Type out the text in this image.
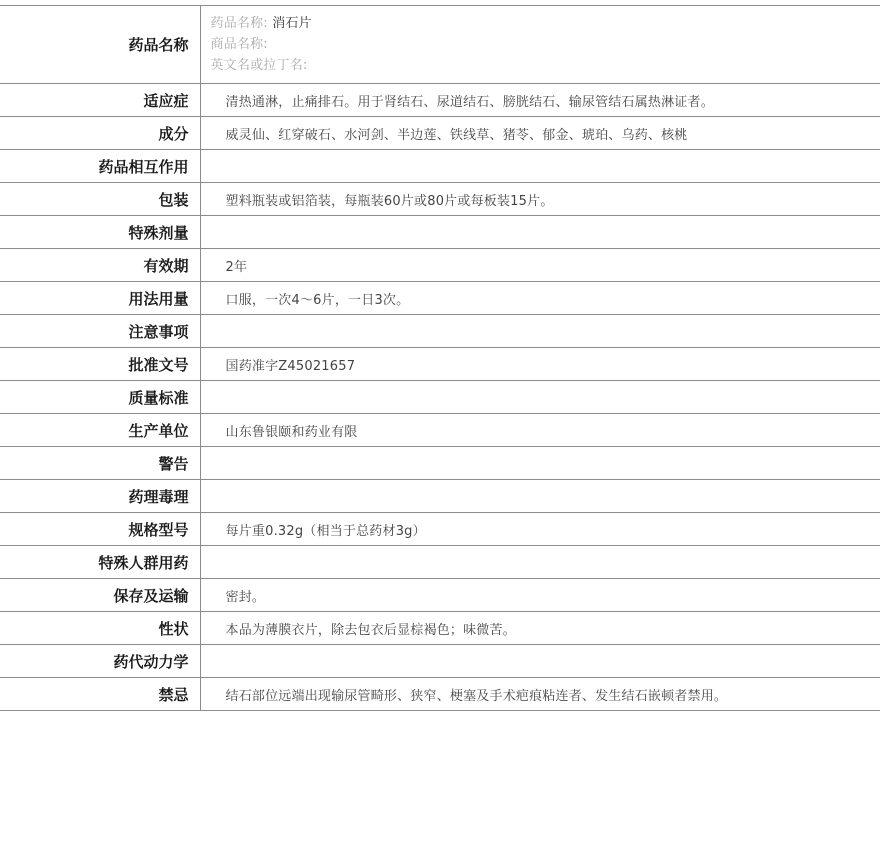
药品名称	药品名称: 消石片
商品名称:
英文名或拉丁名:

适应症	清热通淋，止痛排石。用于肾结石、尿道结石、膀胱结石、输尿管结石属热淋证者。
成分	威灵仙、红穿破石、水河剑、半边莲、铁线草、猪苓、郁金、琥珀、乌药、核桃
药品相互作用	
包装	塑料瓶装或铝箔装，每瓶装60片或80片或每板装15片。
特殊剂量	
有效期	2年
用法用量	口服，一次4～6片，一日3次。
注意事项	
批准文号	国药准字Z45021657
质量标准	
生产单位	山东鲁银颐和药业有限
警告	
药理毒理	
规格型号	每片重0.32g（相当于总药材3g）
特殊人群用药	
保存及运输	密封。
性状	本品为薄膜衣片，除去包衣后显棕褐色；味微苦。
药代动力学	
禁忌	结石部位远端出现输尿管畸形、狭窄、梗塞及手术疤痕粘连者、发生结石嵌顿者禁用。
